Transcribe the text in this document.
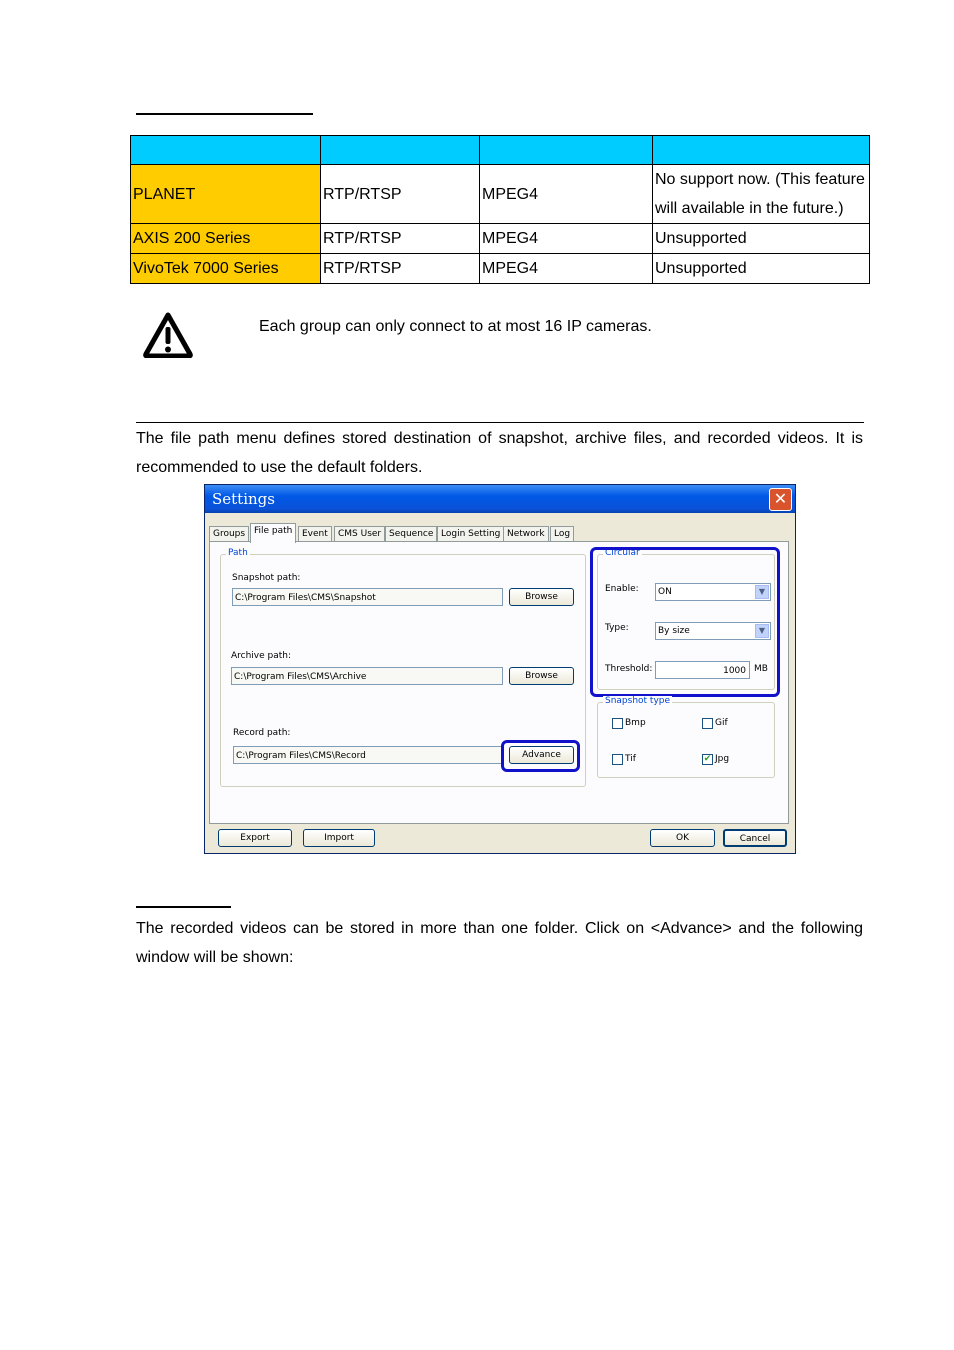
PLANET	RTP/RTSP	MPEG4	No support now. (This feature will available in the future.)
AXIS 200 Series	RTP/RTSP	MPEG4	Unsupported
VivoTek 7000 Series	RTP/RTSP	MPEG4	Unsupported
Each group can only connect to at most 16 IP cameras.
The file path menu defines stored destination of snapshot, archive files, and recorded videos. It is recommended to use the default folders.
Settings	✕
Groups File path	Event	CMS User Sequence Login Setting Network	Log
Path
Snapshot path:
C:\Program Files\CMS\Snapshot	Browse
Archive path:
C:\Program Files\CMS\Archive	Browse
Record path:
C:\Program Files\CMS\Record	Advance
Circular
Enable:	ON	▼
Type:	By size	▼
Threshold:	1000 MB
Snapshot type
Bmp	Gif
Tif	✔ Jpg
Export	Import	OK	Cancel
The recorded videos can be stored in more than one folder. Click on <Advance> and the following window will be shown:
